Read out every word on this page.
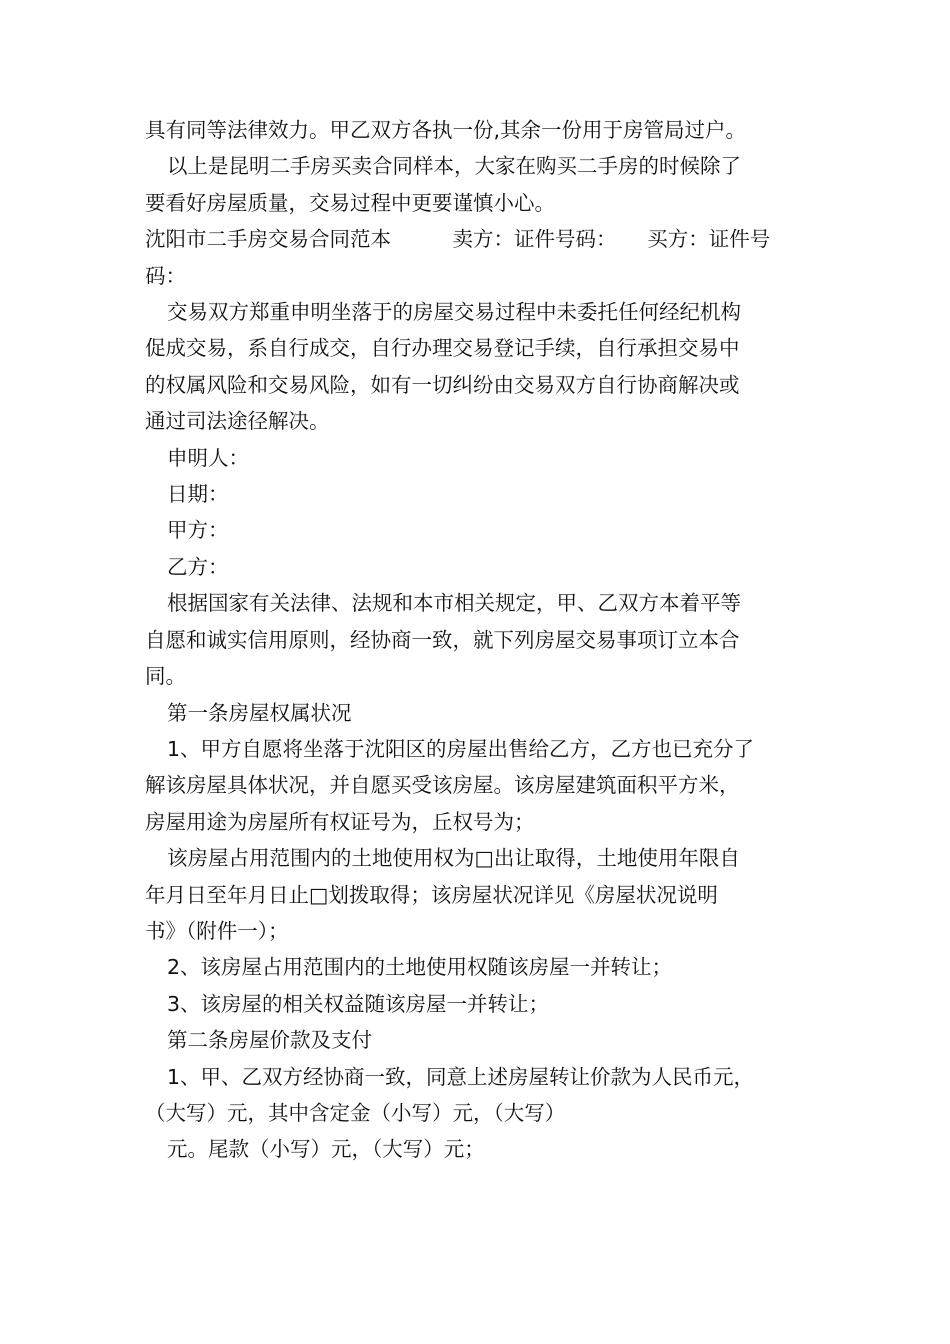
具有同等法律效力。甲乙双方各执一份,其余一份用于房管局过户。

以上是昆明二手房买卖合同样本，大家在购买二手房的时候除了

要看好房屋质量，交易过程中更要谨慎小心。

沈阳市二手房交易合同范本　　　卖方：证件号码：　　买方：证件号

码：

交易双方郑重申明坐落于的房屋交易过程中未委托任何经纪机构

促成交易，系自行成交，自行办理交易登记手续，自行承担交易中

的权属风险和交易风险，如有一切纠纷由交易双方自行协商解决或

通过司法途径解决。

申明人：

日期：

甲方：

乙方：

根据国家有关法律、法规和本市相关规定，甲、乙双方本着平等

自愿和诚实信用原则，经协商一致，就下列房屋交易事项订立本合

同。

第一条房屋权属状况

1、甲方自愿将坐落于沈阳区的房屋出售给乙方，乙方也已充分了

解该房屋具体状况，并自愿买受该房屋。该房屋建筑面积平方米，

房屋用途为房屋所有权证号为，丘权号为；

该房屋占用范围内的土地使用权为□出让取得，土地使用年限自

年月日至年月日止□划拨取得；该房屋状况详见《房屋状况说明

书》（附件一）；

2、该房屋占用范围内的土地使用权随该房屋一并转让；

3、该房屋的相关权益随该房屋一并转让；

第二条房屋价款及支付

1、甲、乙双方经协商一致，同意上述房屋转让价款为人民币元，

（大写）元，其中含定金（小写）元，（大写）

元。尾款（小写）元，（大写）元；
